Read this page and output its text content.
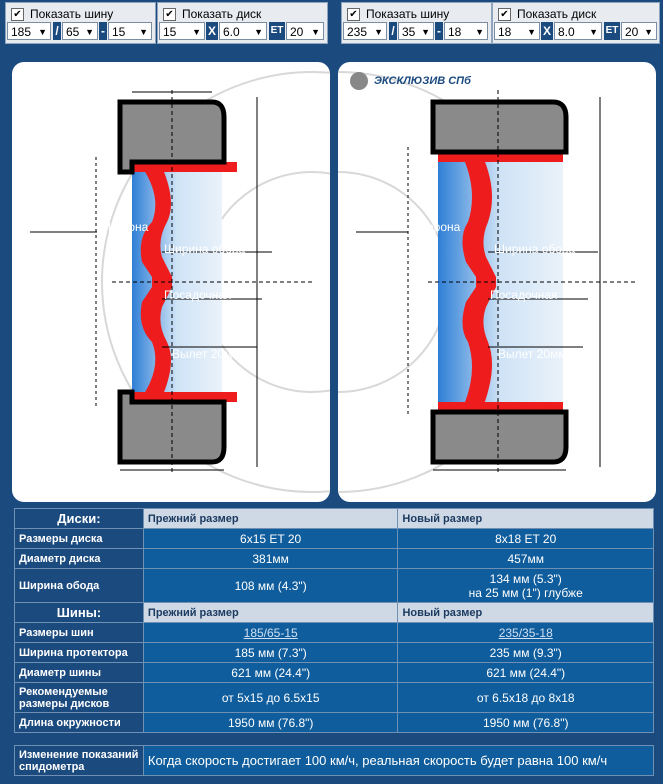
✔ Показать шину	✔ Показать диск
185 ▼ / 65 ▼ - 15 ▼	15 ▼ X 6.0 ▼ ET 20 ▼
✔ Показать шину	✔ Показать диск
235 ▼ / 35 ▼ - 18 ▼	18 ▼ X 8.0 ▼ ET 20 ▼
Корона
Ширина обода
Посадочная
Вылет 20мм
ЭКСКЛЮЗИВ СПб
Корона
Ширина обода
Посадочная
Вылет 20мм
Диски:	Прежний размер	Новый размер
Размеры диска	6x15 ET 20	8x18 ET 20
Диаметр диска	381мм	457мм
Ширина обода	108 мм (4.3")	134 мм (5.3")
на 25 мм (1") глубже
Шины:	Прежний размер	Новый размер
Размеры шин	185/65-15	235/35-18
Ширина протектора	185 мм (7.3")	235 мм (9.3")
Диаметр шины	621 мм (24.4")	621 мм (24.4")
Рекомендуемые размеры дисков	от 5x15 до 6.5x15	от 6.5x18 до 8x18
Длина окружности	1950 мм (76.8")	1950 мм (76.8")
Изменение показаний спидометра	Когда скорость достигает 100 км/ч, реальная скорость будет равна 100 км/ч
